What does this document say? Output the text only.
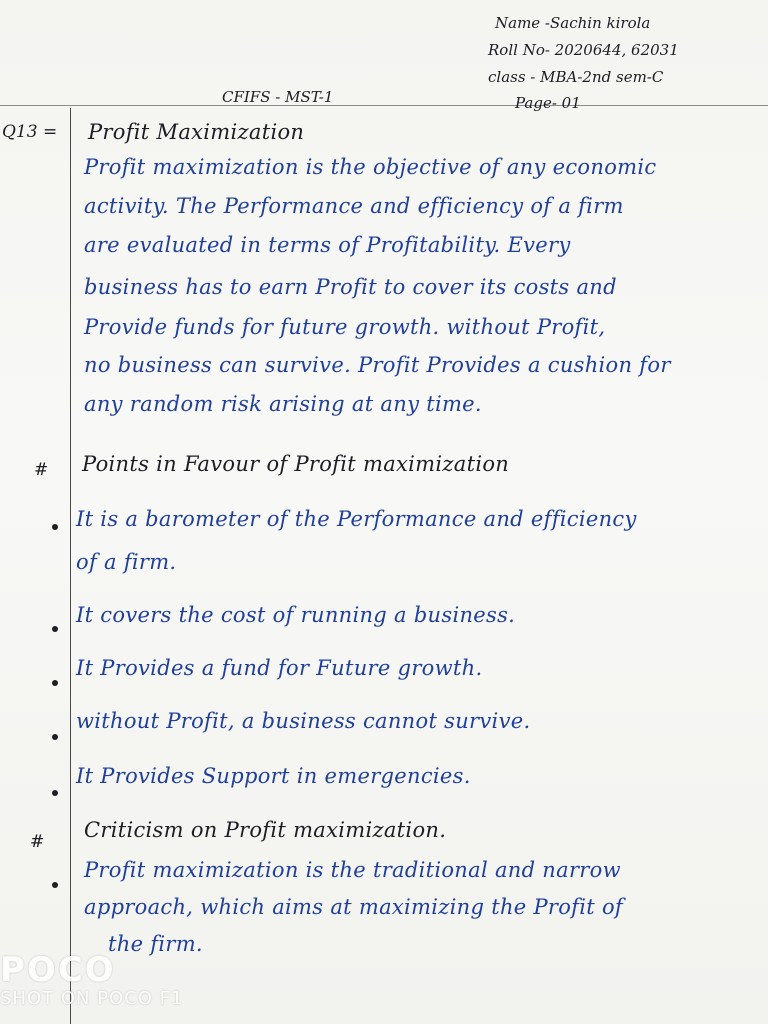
Name -Sachin kirola
Roll No- 2020644, 62031
class - MBA-2nd sem-C
Page- 01
CFIFS - MST-1
Q13 = Profit Maximization
Profit maximization is the objective of any economic
activity. The Performance and efficiency of a firm
are evaluated in terms of Profitability. Every
business has to earn Profit to cover its costs and
Provide funds for future growth. without Profit,
no business can survive. Profit Provides a cushion for
any random risk arising at any time.
# Points in Favour of Profit maximization
It is a barometer of the Performance and efficiency
of a firm.
It covers the cost of running a business.
It Provides a fund for Future growth.
without Profit, a business cannot survive.
It Provides Support in emergencies.
# Criticism on Profit maximization.
Profit maximization is the traditional and narrow
approach, which aims at maximizing the Profit of
the firm.
POCO
SHOT ON POCO F1
